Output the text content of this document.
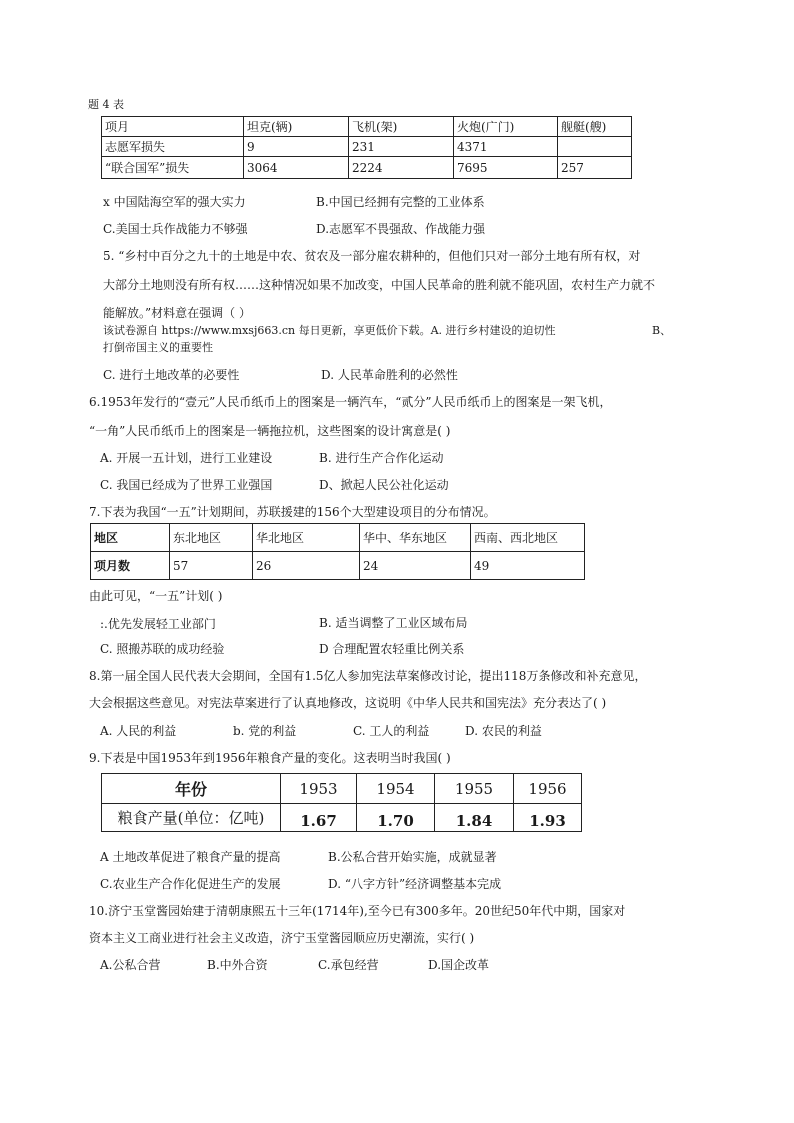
题 4 表
项月	坦克(辆)	飞机(架)	火炮(广门)	舰艇(艘)
志愿军损失	9	231	4371	
“联合国军”损失	3064	2224	7695	257
x 中国陆海空军的强大实力	B.中国已经拥有完整的工业体系
C.美国士兵作战能力不够强	D.志愿军不畏强敌、作战能力强
5. “乡村中百分之九十的土地是中农、贫农及一部分雇农耕种的，但他们只对一部分土地有所有权，对
大部分土地则没有所有权……这种情况如果不加改变，中国人民革命的胜利就不能巩固，农村生产力就不
能解放。”材料意在强调（ ）
该试卷源自 https://www.mxsj663.cn 每日更新，享更低价下载。A. 进行乡村建设的迫切性	B、
打倒帝国主义的重要性
C. 进行土地改革的必要性	D. 人民革命胜利的必然性
6.1953年发行的“壹元”人民币纸币上的图案是一辆汽车，“贰分”人民币纸币上的图案是一架飞机，
“一角”人民币纸币上的图案是一辆拖拉机，这些图案的设计寓意是( )
A. 开展一五计划，进行工业建设	B. 进行生产合作化运动
C. 我国已经成为了世界工业强国	D、掀起人民公社化运动
7.下表为我国“一五”计划期间，苏联援建的156个大型建设项目的分布情况。
地区	东北地区	华北地区	华中、华东地区	西南、西北地区
项月数	57	26	24	49
由此可见，“一五”计划( )
:.优先发展轻工业部门	B. 适当调整了工业区域布局
C. 照搬苏联的成功经验	D 合理配置农轻重比例关系
8.第一届全国人民代表大会期间，全国有1.5亿人参加宪法草案修改讨论，提出118万条修改和补充意见，
大会根据这些意见。对宪法草案进行了认真地修改，这说明《中华人民共和国宪法》充分表达了( )
A. 人民的利益	b. 党的利益	C. 工人的利益	D. 农民的利益
9.下表是中国1953年到1956年粮食产量的变化。这表明当时我国( )
年份	1953	1954	1955	1956
粮食产量(单位：亿吨)	1.67	1.70	1.84	1.93
A 土地改革促进了粮食产量的提高	B.公私合营开始实施，成就显著
C.农业生产合作化促进生产的发展	D. “八字方针”经济调整基本完成
10.济宁玉堂酱园始建于清朝康熙五十三年(1714年),至今已有300多年。20世纪50年代中期，国家对
资本主义工商业进行社会主义改造，济宁玉堂酱园顺应历史潮流，实行( )
A.公私合营	B.中外合资	C.承包经营	D.国企改革
